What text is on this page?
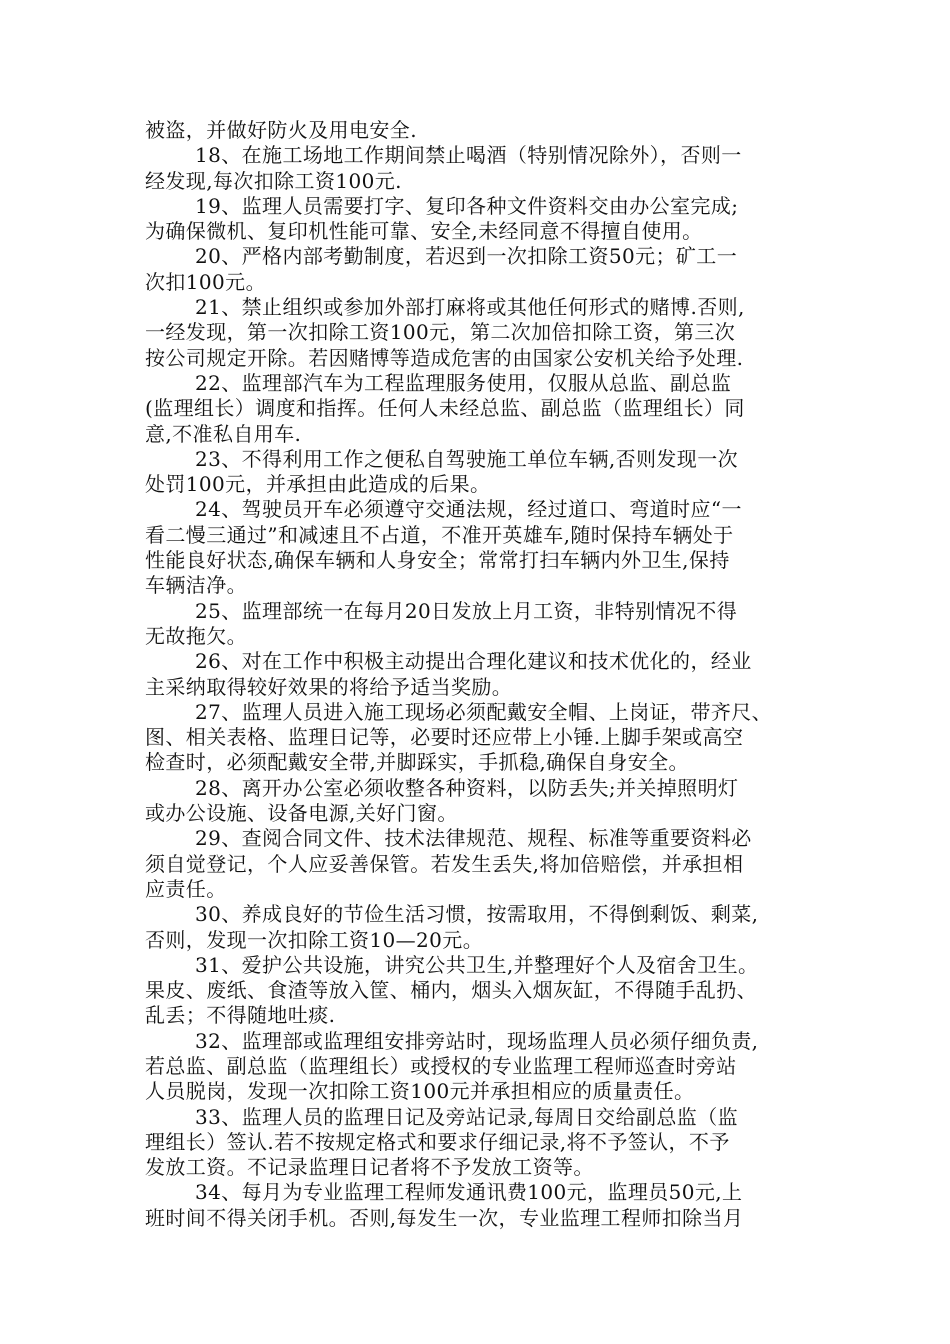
被盗，并做好防火及用电安全.
18、在施工场地工作期间禁止喝酒（特别情况除外），否则一
经发现,每次扣除工资100元.
19、监理人员需要打字、复印各种文件资料交由办公室完成;
为确保微机、复印机性能可靠、安全,未经同意不得擅自使用。
20、严格内部考勤制度，若迟到一次扣除工资50元；矿工一
次扣100元。
21、禁止组织或参加外部打麻将或其他任何形式的赌博.否则,
一经发现，第一次扣除工资100元，第二次加倍扣除工资，第三次
按公司规定开除。若因赌博等造成危害的由国家公安机关给予处理.
22、监理部汽车为工程监理服务使用，仅服从总监、副总监
(监理组长）调度和指挥。任何人未经总监、副总监（监理组长）同
意,不准私自用车.
23、不得利用工作之便私自驾驶施工单位车辆,否则发现一次
处罚100元，并承担由此造成的后果。
24、驾驶员开车必须遵守交通法规，经过道口、弯道时应“一
看二慢三通过”和减速且不占道，不准开英雄车,随时保持车辆处于
性能良好状态,确保车辆和人身安全；常常打扫车辆内外卫生,保持
车辆洁净。
25、监理部统一在每月20日发放上月工资，非特别情况不得
无故拖欠。
26、对在工作中积极主动提出合理化建议和技术优化的，经业
主采纳取得较好效果的将给予适当奖励。
27、监理人员进入施工现场必须配戴安全帽、上岗证，带齐尺、
图、相关表格、监理日记等，必要时还应带上小锤.上脚手架或高空
检查时，必须配戴安全带,并脚踩实，手抓稳,确保自身安全。
28、离开办公室必须收整各种资料，以防丢失;并关掉照明灯
或办公设施、设备电源,关好门窗。
29、查阅合同文件、技术法律规范、规程、标准等重要资料必
须自觉登记，个人应妥善保管。若发生丢失,将加倍赔偿，并承担相
应责任。
30、养成良好的节俭生活习惯，按需取用，不得倒剩饭、剩菜,
否则，发现一次扣除工资10—20元。
31、爱护公共设施，讲究公共卫生,并整理好个人及宿舍卫生。
果皮、废纸、食渣等放入筐、桶内，烟头入烟灰缸，不得随手乱扔、
乱丢；不得随地吐痰.
32、监理部或监理组安排旁站时，现场监理人员必须仔细负责,
若总监、副总监（监理组长）或授权的专业监理工程师巡查时旁站
人员脱岗，发现一次扣除工资100元并承担相应的质量责任。
33、监理人员的监理日记及旁站记录,每周日交给副总监（监
理组长）签认.若不按规定格式和要求仔细记录,将不予签认，不予
发放工资。不记录监理日记者将不予发放工资等。
34、每月为专业监理工程师发通讯费100元，监理员50元,上
班时间不得关闭手机。否则,每发生一次，专业监理工程师扣除当月
